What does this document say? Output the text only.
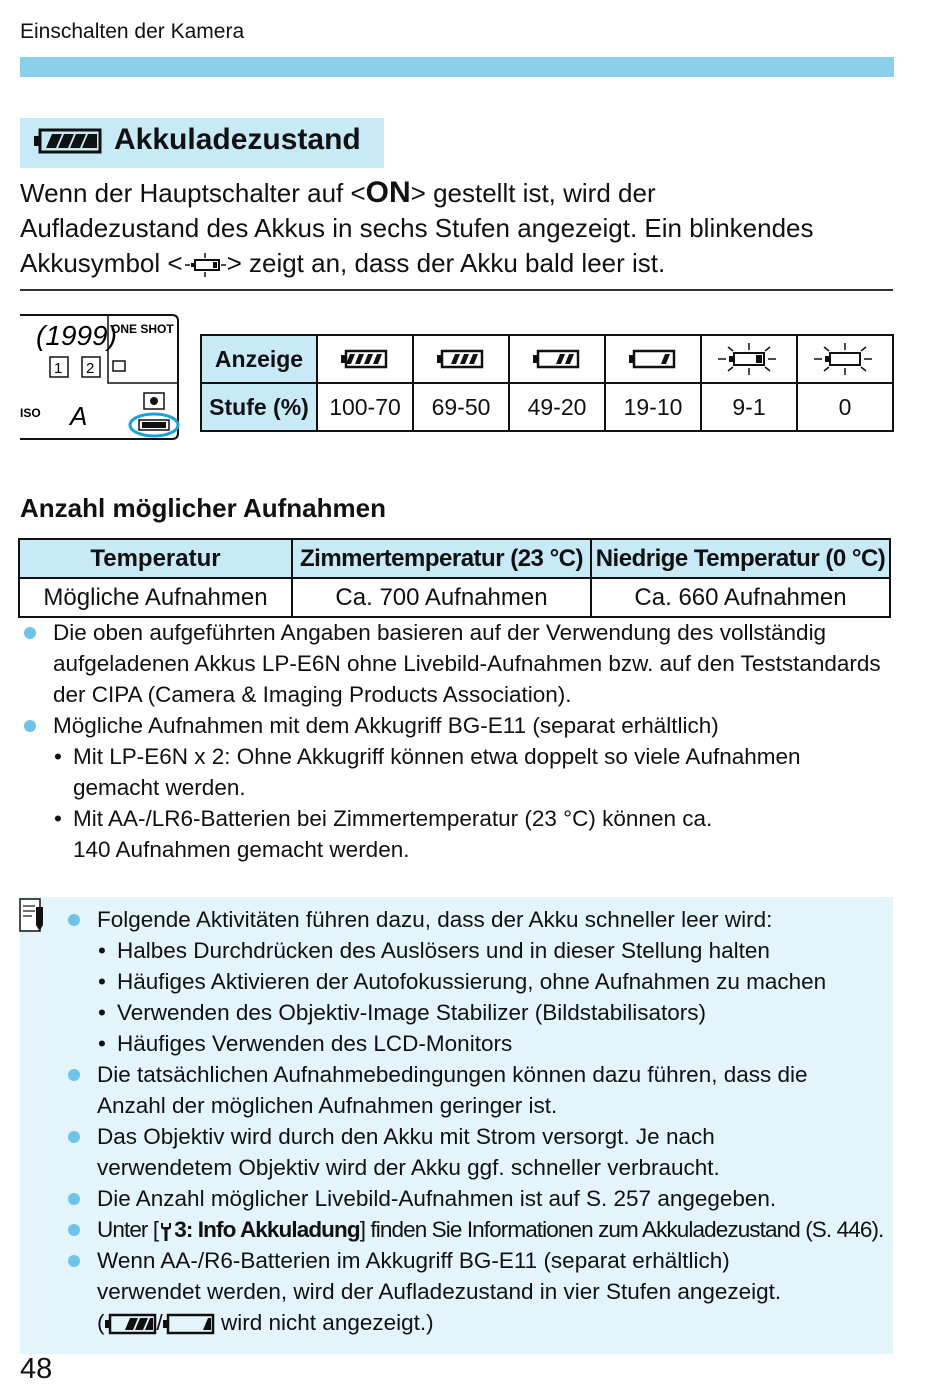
Einschalten der Kamera
Akkuladezustand
Wenn der Hauptschalter auf <ON> gestellt ist, wird der
Aufladezustand des Akkus in sechs Stufen angezeigt. Ein blinkendes
Akkusymbol < > zeigt an, dass der Akku bald leer ist.
(1999)
ONE SHOT
1 2
ISO A
Anzeige						
Stufe (%)	100-70	69-50	49-20	19-10	9-1	0
Anzahl möglicher Aufnahmen
Temperatur	Zimmertemperatur (23 °C)	Niedrige Temperatur (0 °C)
Mögliche Aufnahmen	Ca. 700 Aufnahmen	Ca. 660 Aufnahmen
Die oben aufgeführten Angaben basieren auf der Verwendung des vollständig
aufgeladenen Akkus LP-E6N ohne Livebild-Aufnahmen bzw. auf den Teststandards
der CIPA (Camera & Imaging Products Association).
Mögliche Aufnahmen mit dem Akkugriff BG-E11 (separat erhältlich)
• Mit LP-E6N x 2: Ohne Akkugriff können etwa doppelt so viele Aufnahmen
gemacht werden.
• Mit AA-/LR6-Batterien bei Zimmertemperatur (23 °C) können ca.
140 Aufnahmen gemacht werden.
Folgende Aktivitäten führen dazu, dass der Akku schneller leer wird:
• Halbes Durchdrücken des Auslösers und in dieser Stellung halten
• Häufiges Aktivieren der Autofokussierung, ohne Aufnahmen zu machen
• Verwenden des Objektiv-Image Stabilizer (Bildstabilisators)
• Häufiges Verwenden des LCD-Monitors
Die tatsächlichen Aufnahmebedingungen können dazu führen, dass die
Anzahl der möglichen Aufnahmen geringer ist.
Das Objektiv wird durch den Akku mit Strom versorgt. Je nach
verwendetem Objektiv wird der Akku ggf. schneller verbraucht.
Die Anzahl möglicher Livebild-Aufnahmen ist auf S. 257 angegeben.
Unter [ 3: Info Akkuladung] finden Sie Informationen zum Akkuladezustand (S. 446).
Wenn AA-/R6-Batterien im Akkugriff BG-E11 (separat erhältlich)
verwendet werden, wird der Aufladezustand in vier Stufen angezeigt.
( / wird nicht angezeigt.)
48
